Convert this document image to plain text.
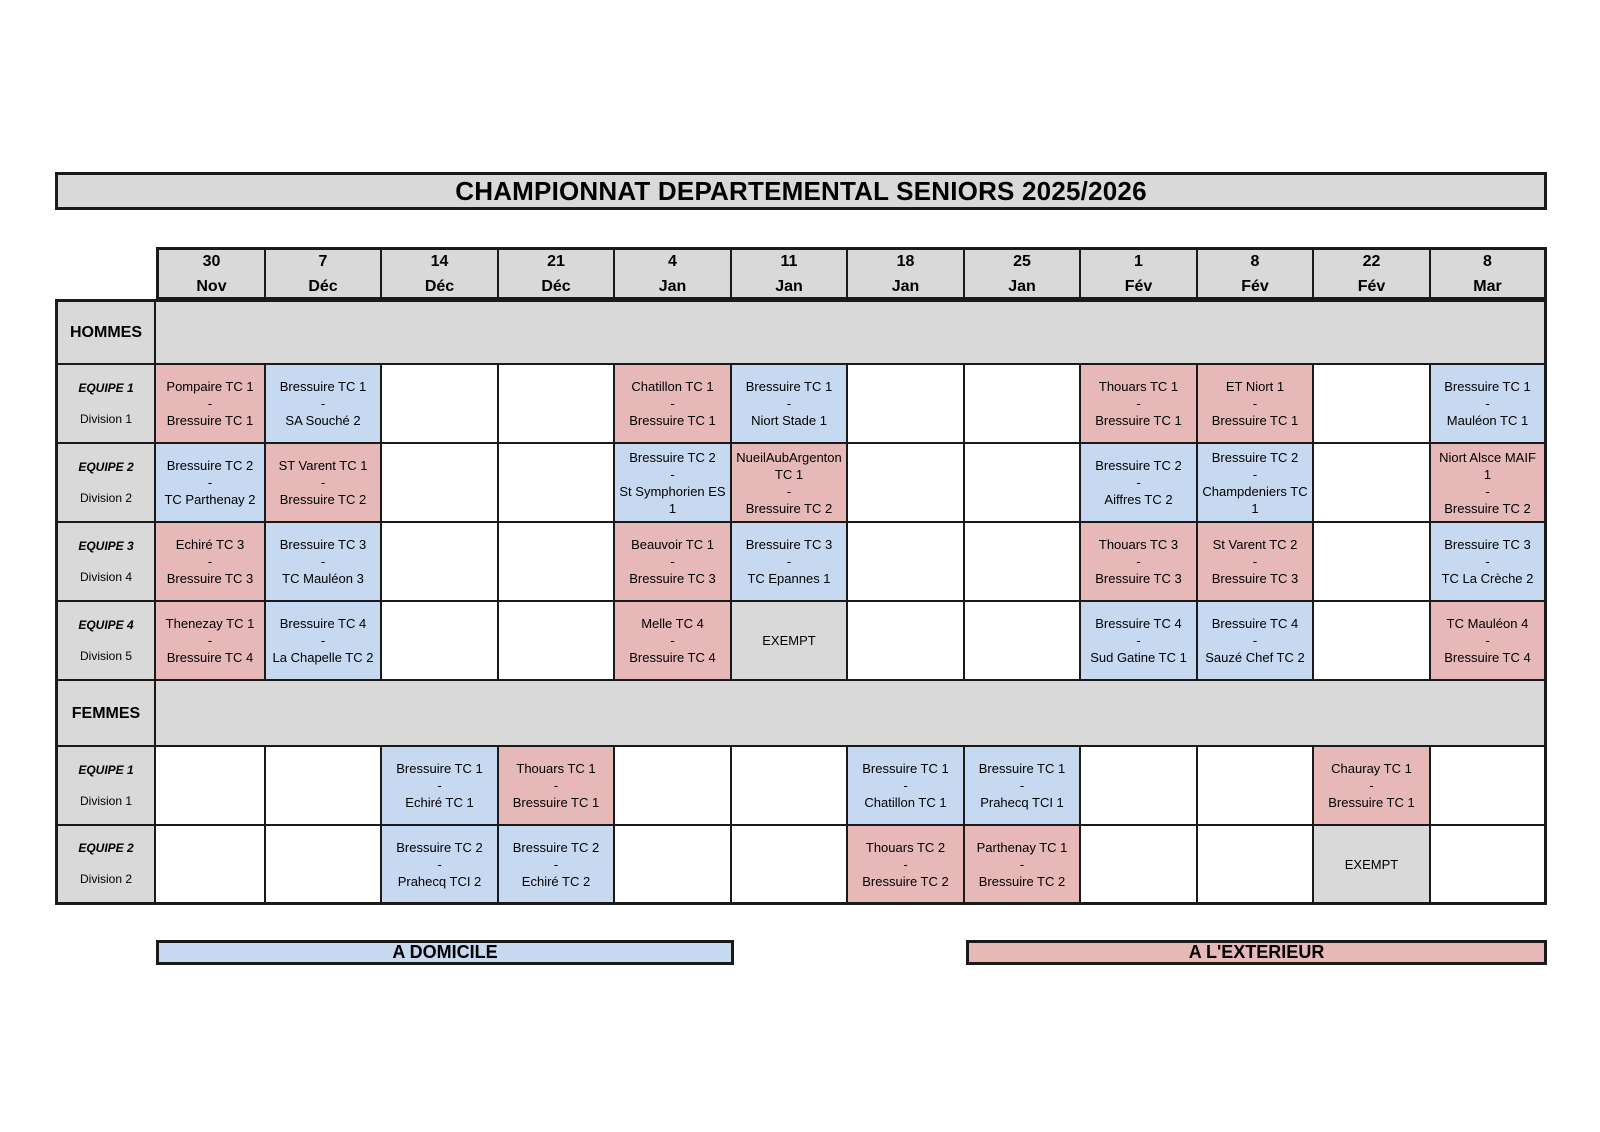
CHAMPIONNAT DEPARTEMENTAL SENIORS 2025/2026
30
Nov
7
Déc
14
Déc
21
Déc
4
Jan
11
Jan
18
Jan
25
Jan
1
Fév
8
Fév
22
Fév
8
Mar
HOMMES
EQUIPE 1
Division 1
Pompaire TC 1
-
Bressuire TC 1
Bressuire TC 1
-
SA Souché 2
Chatillon TC 1
-
Bressuire TC 1
Bressuire TC 1
-
Niort Stade 1
Thouars TC 1
-
Bressuire TC 1
ET Niort 1
-
Bressuire TC 1
Bressuire TC 1
-
Mauléon TC 1
EQUIPE 2
Division 2
Bressuire TC 2
-
TC Parthenay 2
ST Varent TC 1
-
Bressuire TC 2
Bressuire TC 2
-
St Symphorien ES
1
NueilAubArgenton
TC 1
-
Bressuire TC 2
Bressuire TC 2
-
Aiffres TC 2
Bressuire TC 2
-
Champdeniers TC
1
Niort Alsce MAIF
1
-
Bressuire TC 2
EQUIPE 3
Division 4
Echiré TC 3
-
Bressuire TC 3
Bressuire TC 3
-
TC Mauléon 3
Beauvoir TC 1
-
Bressuire TC 3
Bressuire TC 3
-
TC Epannes 1
Thouars TC 3
-
Bressuire TC 3
St Varent TC 2
-
Bressuire TC 3
Bressuire TC 3
-
TC La Crèche 2
EQUIPE 4
Division 5
Thenezay TC 1
-
Bressuire TC 4
Bressuire TC 4
-
La Chapelle TC 2
Melle TC 4
-
Bressuire TC 4
EXEMPT
Bressuire TC 4
-
Sud Gatine TC 1
Bressuire TC 4
-
Sauzé Chef TC 2
TC Mauléon 4
-
Bressuire TC 4
FEMMES
EQUIPE 1
Division 1
Bressuire TC 1
-
Echiré TC 1
Thouars TC 1
-
Bressuire TC 1
Bressuire TC 1
-
Chatillon TC 1
Bressuire TC 1
-
Prahecq TCI 1
Chauray TC 1
-
Bressuire TC 1
EQUIPE 2
Division 2
Bressuire TC 2
-
Prahecq TCI 2
Bressuire TC 2
-
Echiré TC 2
Thouars TC 2
-
Bressuire TC 2
Parthenay TC 1
-
Bressuire TC 2
EXEMPT
A DOMICILE	A L'EXTERIEUR
